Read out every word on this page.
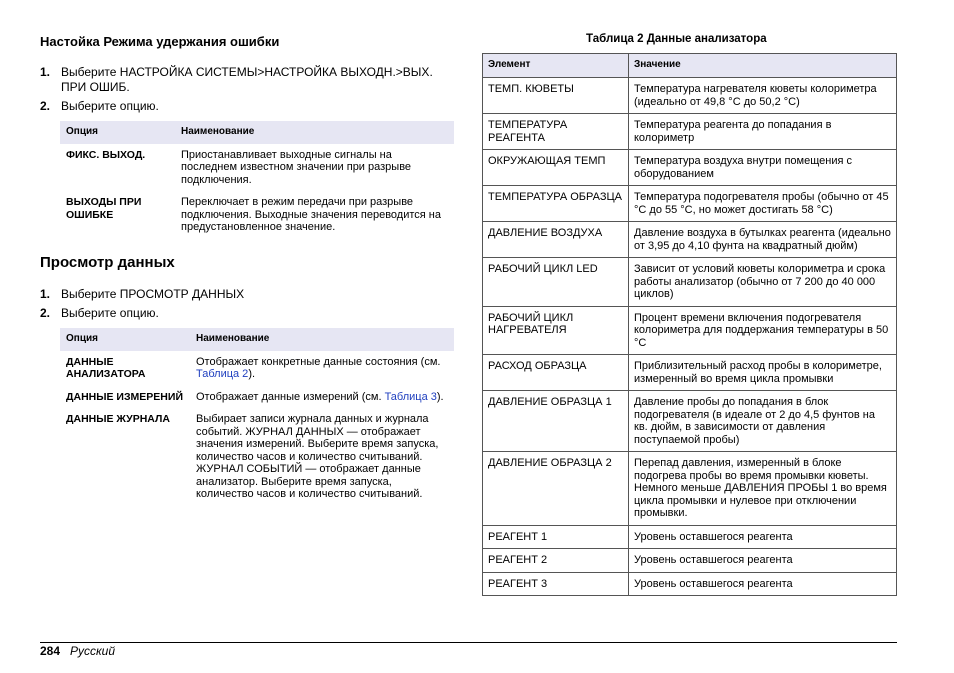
Настойка Режима удержания ошибки
1. Выберите НАСТРОЙКА СИСТЕМЫ>НАСТРОЙКА ВЫХОДН.>ВЫХ. ПРИ ОШИБ.
2. Выберите опцию.
Опция	Наименование
ФИКС. ВЫХОД.	Приостанавливает выходные сигналы на последнем известном значении при разрыве подключения.
ВЫХОДЫ ПРИ ОШИБКЕ	Переключает в режим передачи при разрыве подключения. Выходные значения переводится на предустановленное значение.
Просмотр данных
1. Выберите ПРОСМОТР ДАННЫХ
2. Выберите опцию.
Опция	Наименование
ДАННЫЕ АНАЛИЗАТОРА	Отображает конкретные данные состояния (см. Таблица 2).
ДАННЫЕ ИЗМЕРЕНИЙ	Отображает данные измерений (см. Таблица 3).
ДАННЫЕ ЖУРНАЛА	Выбирает записи журнала данных и журнала событий. ЖУРНАЛ ДАННЫХ — отображает значения измерений. Выберите время запуска, количество часов и количество считываний. ЖУРНАЛ СОБЫТИЙ — отображает данные анализатор. Выберите время запуска, количество часов и количество считываний.
Таблица 2 Данные анализатора
Элемент	Значение
ТЕМП. КЮВЕТЫ	Температура нагревателя кюветы колориметра (идеально от 49,8 °C до 50,2 °C)
ТЕМПЕРАТУРА РЕАГЕНТА	Температура реагента до попадания в колориметр
ОКРУЖАЮЩАЯ ТЕМП	Температура воздуха внутри помещения с оборудованием
ТЕМПЕРАТУРА ОБРАЗЦА	Температура подогревателя пробы (обычно от 45 °C до 55 °C, но может достигать 58 °C)
ДАВЛЕНИЕ ВОЗДУХА	Давление воздуха в бутылках реагента (идеально от 3,95 до 4,10 фунта на квадратный дюйм)
РАБОЧИЙ ЦИКЛ LED	Зависит от условий кюветы колориметра и срока работы анализатор (обычно от 7 200 до 40 000 циклов)
РАБОЧИЙ ЦИКЛ НАГРЕВАТЕЛЯ	Процент времени включения подогревателя колориметра для поддержания температуры в 50 °C
РАСХОД ОБРАЗЦА	Приблизительный расход пробы в колориметре, измеренный во время цикла промывки
ДАВЛЕНИЕ ОБРАЗЦА 1	Давление пробы до попадания в блок подогревателя (в идеале от 2 до 4,5 фунтов на кв. дюйм, в зависимости от давления поступаемой пробы)
ДАВЛЕНИЕ ОБРАЗЦА 2	Перепад давления, измеренный в блоке подогрева пробы во время промывки кюветы. Немного меньше ДАВЛЕНИЯ ПРОБЫ 1 во время цикла промывки и нулевое при отключении промывки.
РЕАГЕНТ 1	Уровень оставшегося реагента
РЕАГЕНТ 2	Уровень оставшегося реагента
РЕАГЕНТ 3	Уровень оставшегося реагента
284 Русский
